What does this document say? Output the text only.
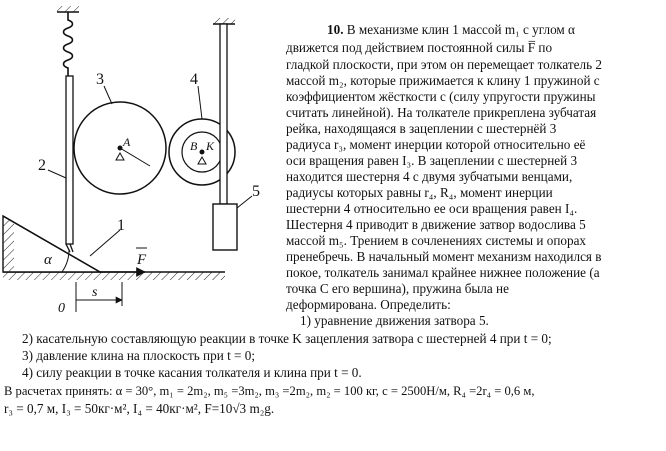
3	4
2
1
5
A	B K
α	F
0
s
10. В механизме клин 1 массой m₁ с углом α
движется под действием постоянной силы F̅ по
гладкой плоскости, при этом он перемещает толкатель 2
массой m₂, которые прижимается к клину 1 пружиной с
коэффициентом жёсткости c (силу упругости пружины
считать линейной). На толкателе прикреплена зубчатая
рейка, находящаяся в зацеплении с шестернёй 3
радиуса r₃, момент инерции которой относительно её
оси вращения равен I₃. В зацеплении с шестерней 3
находится шестерня 4 с двумя зубчатыми венцами,
радиусы которых равны r₄, R₄, момент инерции
шестерни 4 относительно ее оси вращения равен I₄.
Шестерня 4 приводит в движение затвор водослива 5
массой m₅. Трением в сочленениях системы и опорах
пренебречь. В начальный момент механизм находился в
покое, толкатель занимал крайнее нижнее положение (а
точка С его вершина), пружина была не
деформирована. Определить:
1) уравнение движения затвора 5.
2) касательную составляющую реакции в точке K зацепления затвора с шестерней 4 при t = 0;
3) давление клина на плоскость при t = 0;
4) силу реакции в точке касания толкателя и клина при t = 0.
В расчетах принять: α = 30°, m₁ = 2m₂, m₅ =3m₂, m₃ =2m₂, m₂ = 100 кг, c = 2500Н/м, R₄ =2r₄ = 0,6 м,
r₃ = 0,7 м, I₃ = 50кг·м², I₄ = 40кг·м², F=10√3 m₂g.
